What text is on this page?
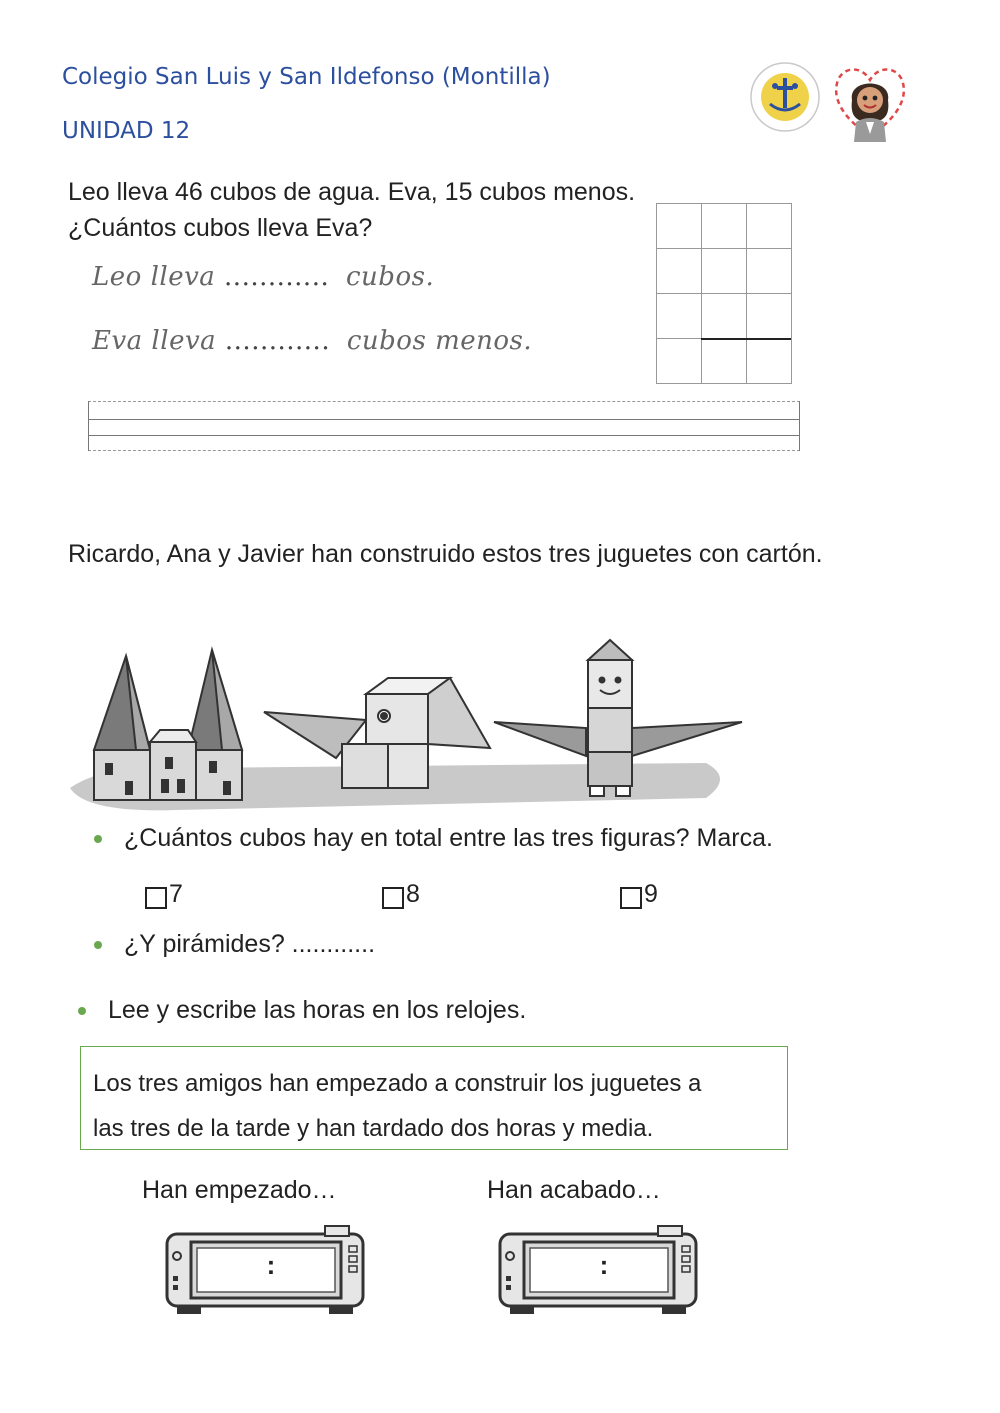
Colegio San Luis y San Ildefonso (Montilla)
UNIDAD 12
Leo lleva 46 cubos de agua. Eva, 15 cubos menos.
¿Cuántos cubos lleva Eva?
Leo lleva ............ cubos.
Eva lleva ............ cubos menos.
Ricardo, Ana y Javier han construido estos tres juguetes con cartón.
¿Cuántos cubos hay en total entre las tres figuras? Marca.
7	8	9
¿Y pirámides? ............
Lee y escribe las horas en los relojes.
Los tres amigos han empezado a construir los juguetes a
las tres de la tarde y han tardado dos horas y media.
Han empezado…	Han acabado…
:	:
